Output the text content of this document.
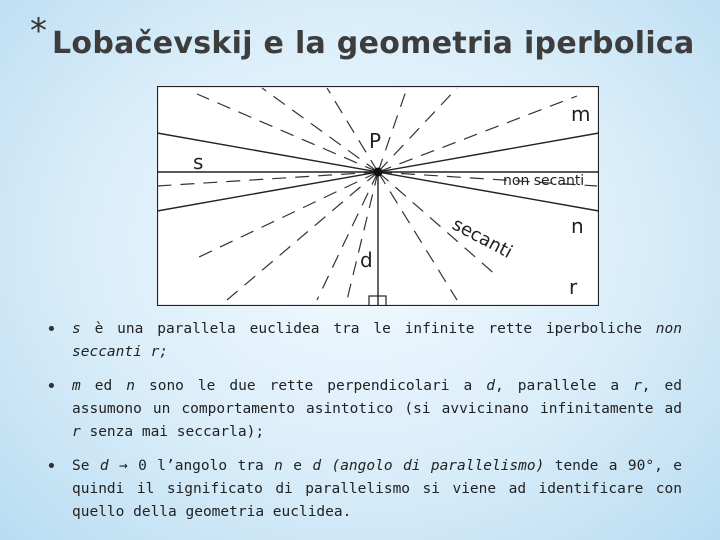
* Lobačevskij e la geometria iperbolica
m
P
s
non secanti
n
secanti
d
r
• s è una parallela euclidea tra le infinite rette iperboliche non seccanti r;
• m ed n sono le due rette perpendicolari a d, parallele a r, ed assumono un comportamento asintotico (si avvicinano infinitamente ad r senza mai seccarla);
• Se d → 0 l’angolo tra n e d (angolo di parallelismo) tende a 90°, e quindi il significato di parallelismo si viene ad identificare con quello della geometria euclidea.
